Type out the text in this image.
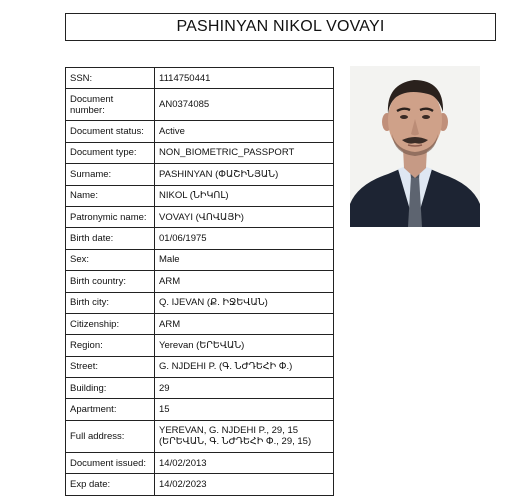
PASHINYAN NIKOL VOVAYI
SSN:	1114750441
Document number:	AN0374085
Document status:	Active
Document type:	NON_BIOMETRIC_PASSPORT
Surname:	PASHINYAN (ՓԱՇԻՆՅԱՆ)
Name:	NIKOL (ՆԻԿՈԼ)
Patronymic name:	VOVAYI (ՎՈՎԱՅԻ)
Birth date:	01/06/1975
Sex:	Male
Birth country:	ARM
Birth city:	Q. IJEVAN (Ք. ԻՋԵՎԱՆ)
Citizenship:	ARM
Region:	Yerevan (ԵՐԵՎԱՆ)
Street:	G. NJDEHI P. (Գ. ՆԺԴԵՀԻ Փ.)
Building:	29
Apartment:	15
Full address:	YEREVAN, G. NJDEHI P., 29, 15 (ԵՐԵՎԱՆ, Գ. ՆԺԴԵՀԻ Փ., 29, 15)
Document issued:	14/02/2013
Exp date:	14/02/2023
